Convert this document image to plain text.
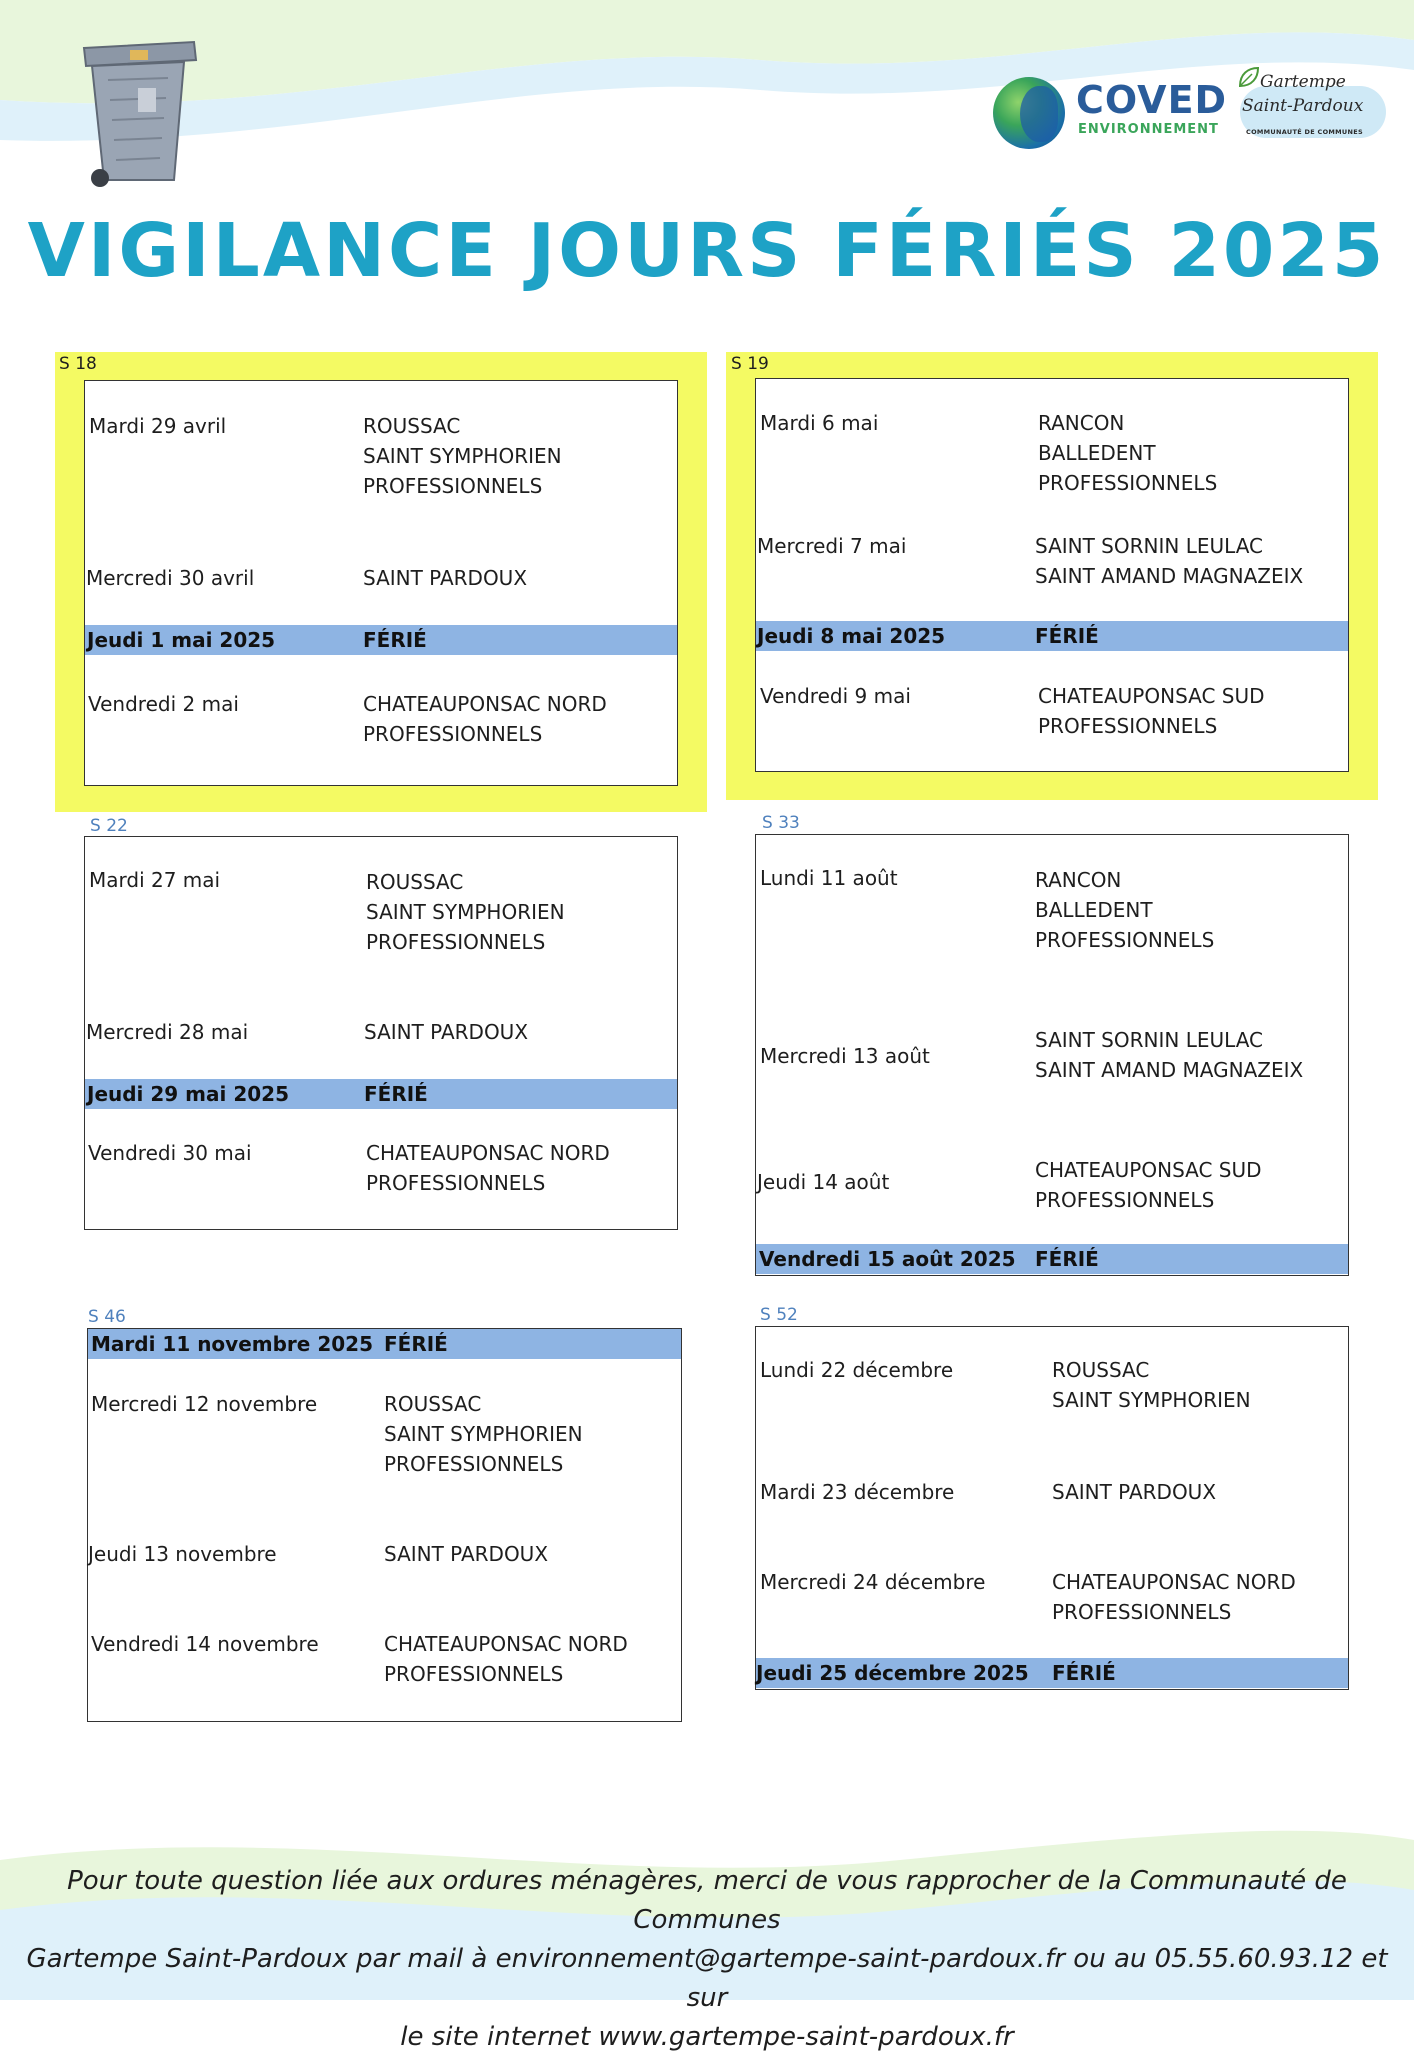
COVED
ENVIRONNEMENT
Gartempe
Saint-Pardoux
COMMUNAUTÉ DE COMMUNES
VIGILANCE JOURS FÉRIÉS 2025
S 18
Mardi 29 avril	ROUSSAC
SAINT SYMPHORIEN
PROFESSIONNELS
Mercredi 30 avril	SAINT PARDOUX
Jeudi 1 mai 2025	FÉRIÉ
Vendredi 2 mai	CHATEAUPONSAC NORD
PROFESSIONNELS
S 19
Mardi 6 mai	RANCON
BALLEDENT
PROFESSIONNELS
Mercredi 7 mai	SAINT SORNIN LEULAC
SAINT AMAND MAGNAZEIX
Jeudi 8 mai 2025	FÉRIÉ
Vendredi 9 mai	CHATEAUPONSAC SUD
PROFESSIONNELS
S 22
Mardi 27 mai	ROUSSAC
SAINT SYMPHORIEN
PROFESSIONNELS
Mercredi 28 mai	SAINT PARDOUX
Jeudi 29 mai 2025	FÉRIÉ
Vendredi 30 mai	CHATEAUPONSAC NORD
PROFESSIONNELS
S 33
Lundi 11 août	RANCON
BALLEDENT
PROFESSIONNELS
Mercredi 13 août
SAINT SORNIN LEULAC
SAINT AMAND MAGNAZEIX
Jeudi 14 août	CHATEAUPONSAC SUD
PROFESSIONNELS
Vendredi 15 août 2025 FÉRIÉ
S 46
Mardi 11 novembre 2025 FÉRIÉ
Mercredi 12 novembre	ROUSSAC
SAINT SYMPHORIEN
PROFESSIONNELS
Jeudi 13 novembre	SAINT PARDOUX
Vendredi 14 novembre	CHATEAUPONSAC NORD
PROFESSIONNELS
S 52
Lundi 22 décembre	ROUSSAC
SAINT SYMPHORIEN
Mardi 23 décembre	SAINT PARDOUX
Mercredi 24 décembre	CHATEAUPONSAC NORD
PROFESSIONNELS
Jeudi 25 décembre 2025 FÉRIÉ
Pour toute question liée aux ordures ménagères, merci de vous rapprocher de la Communauté de Communes
Gartempe Saint-Pardoux par mail à environnement@gartempe-saint-pardoux.fr ou au 05.55.60.93.12 et sur
le site internet www.gartempe-saint-pardoux.fr
